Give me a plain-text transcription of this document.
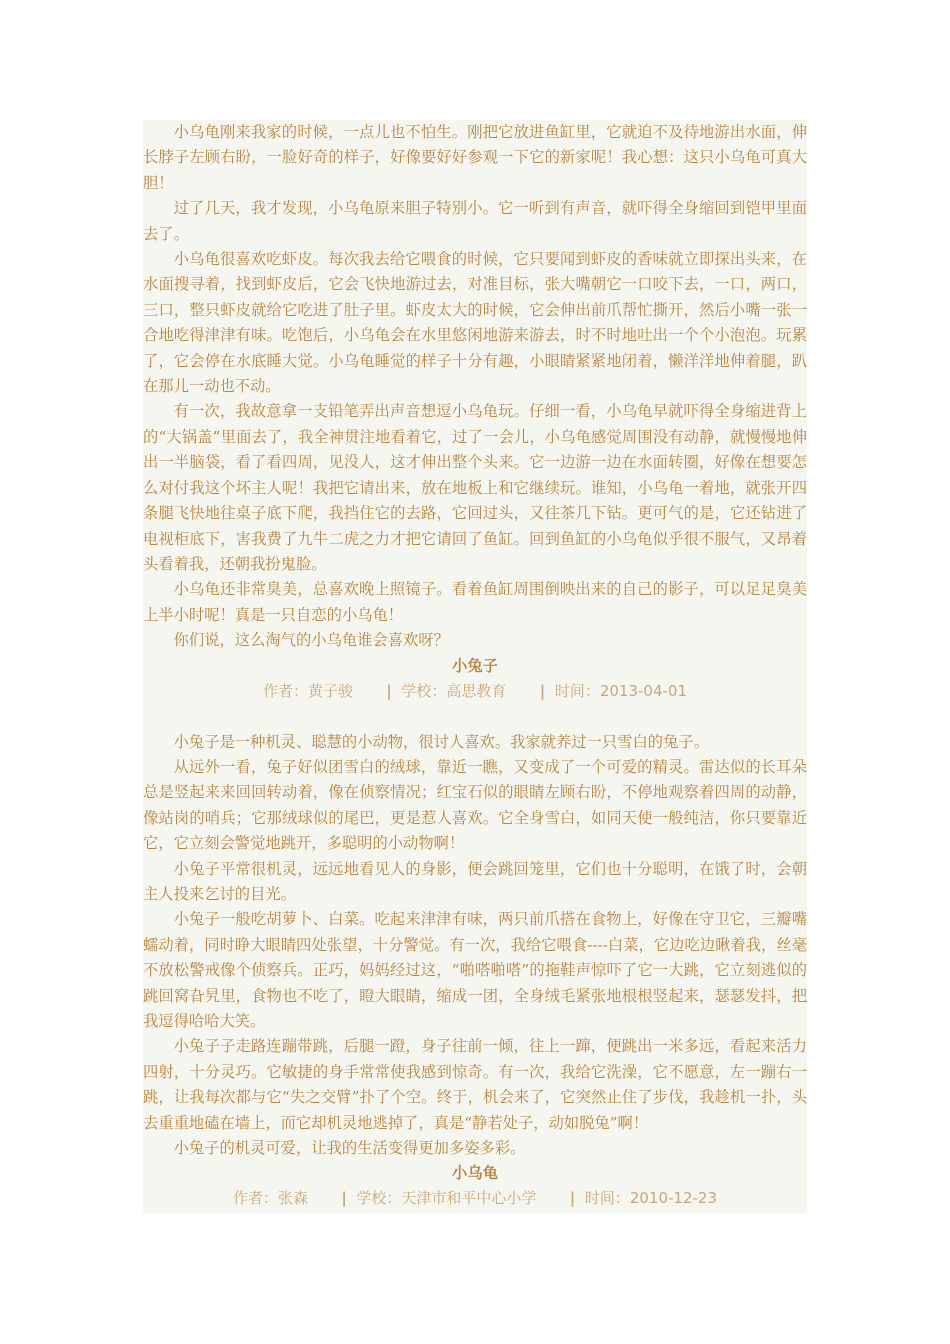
小乌龟刚来我家的时候，一点儿也不怕生。刚把它放进鱼缸里，它就迫不及待地游出水面，伸长脖子左顾右盼，一脸好奇的样子，好像要好好参观一下它的新家呢！我心想：这只小乌龟可真大胆！

过了几天，我才发现，小乌龟原来胆子特别小。它一听到有声音，就吓得全身缩回到铠甲里面去了。

小乌龟很喜欢吃虾皮。每次我去给它喂食的时候，它只要闻到虾皮的香味就立即探出头来，在水面搜寻着，找到虾皮后，它会飞快地游过去，对准目标，张大嘴朝它一口咬下去，一口，两口，三口，整只虾皮就给它吃进了肚子里。虾皮太大的时候，它会伸出前爪帮忙撕开，然后小嘴一张一合地吃得津津有味。吃饱后，小乌龟会在水里悠闲地游来游去，时不时地吐出一个个小泡泡。玩累了，它会停在水底睡大觉。小乌龟睡觉的样子十分有趣，小眼睛紧紧地闭着，懒洋洋地伸着腿，趴在那儿一动也不动。

有一次，我故意拿一支铅笔弄出声音想逗小乌龟玩。仔细一看，小乌龟早就吓得全身缩进背上的“大锅盖”里面去了，我全神贯注地看着它，过了一会儿，小乌龟感觉周围没有动静，就慢慢地伸出一半脑袋，看了看四周，见没人，这才伸出整个头来。它一边游一边在水面转圈，好像在想要怎么对付我这个坏主人呢！我把它请出来，放在地板上和它继续玩。谁知，小乌龟一着地，就张开四条腿飞快地往桌子底下爬，我挡住它的去路，它回过头，又往茶几下钻。更可气的是，它还钻进了电视柜底下，害我费了九牛二虎之力才把它请回了鱼缸。回到鱼缸的小乌龟似乎很不服气，又昂着头看着我，还朝我扮鬼脸。

小乌龟还非常臭美，总喜欢晚上照镜子。看着鱼缸周围倒映出来的自己的影子，可以足足臭美上半小时呢！真是一只自恋的小乌龟！

你们说，这么淘气的小乌龟谁会喜欢呀？

小兔子
作者：黄子骏 | 学校：高思教育 | 时间：2013-04-01

小兔子是一种机灵、聪慧的小动物，很讨人喜欢。我家就养过一只雪白的兔子。

从远外一看，兔子好似团雪白的绒球，靠近一瞧，又变成了一个可爱的精灵。雷达似的长耳朵总是竖起来来回回转动着，像在侦察情况；红宝石似的眼睛左顾右盼，不停地观察着四周的动静，像站岗的哨兵；它那绒球似的尾巴，更是惹人喜欢。它全身雪白，如同天使一般纯洁，你只要靠近它，它立刻会警觉地跳开，多聪明的小动物啊！

小兔子平常很机灵，远远地看见人的身影，便会跳回笼里，它们也十分聪明，在饿了时，会朝主人投来乞讨的目光。

小兔子一般吃胡萝卜、白菜。吃起来津津有味，两只前爪搭在食物上，好像在守卫它，三瓣嘴蠕动着，同时睁大眼睛四处张望，十分警觉。有一次，我给它喂食----白菜，它边吃边瞅着我，丝毫不放松警戒像个侦察兵。正巧，妈妈经过这，“啪嗒啪嗒”的拖鞋声惊吓了它一大跳，它立刻逃似的跳回窝旮旯里，食物也不吃了，瞪大眼睛，缩成一团，全身绒毛紧张地根根竖起来，瑟瑟发抖，把我逗得哈哈大笑。

小兔子子走路连蹦带跳，后腿一蹬，身子往前一倾，往上一蹿，便跳出一米多远，看起来活力四射，十分灵巧。它敏捷的身手常常使我感到惊奇。有一次，我给它洗澡，它不愿意，左一蹦右一跳，让我每次都与它“失之交臂”扑了个空。终于，机会来了，它突然止住了步伐，我趁机一扑，头去重重地磕在墙上，而它却机灵地逃掉了，真是“静若处子，动如脱兔”啊！

小兔子的机灵可爱，让我的生活变得更加多姿多彩。

小乌龟
作者：张森 | 学校：天津市和平中心小学 | 时间：2010-12-23
